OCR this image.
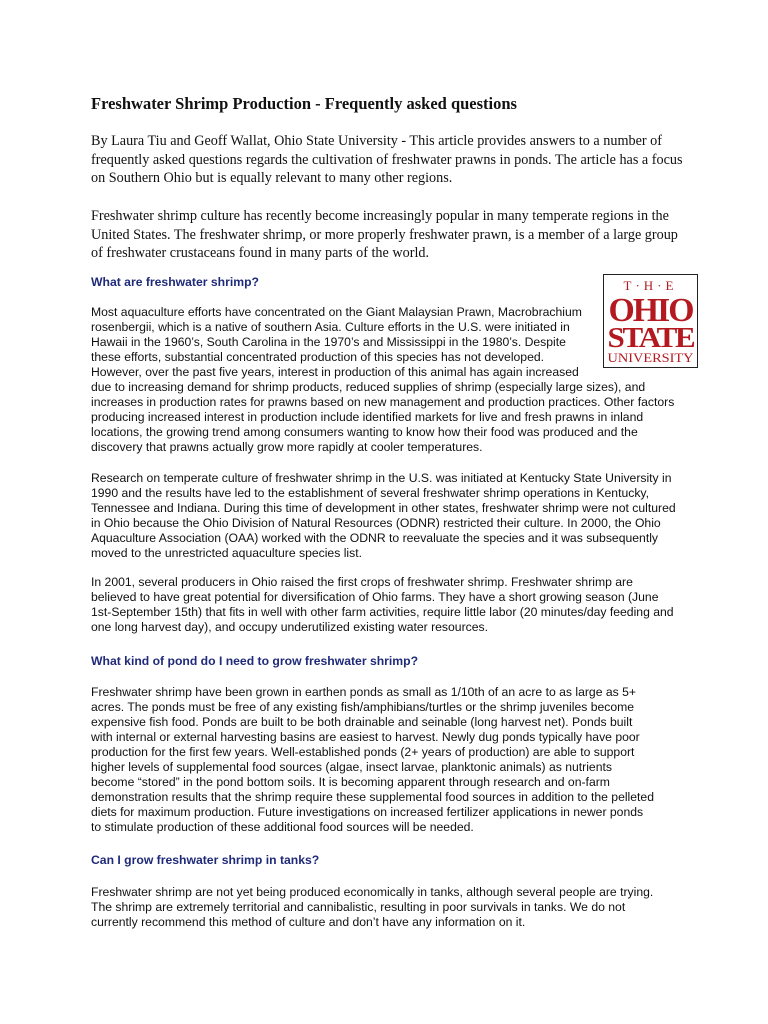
Freshwater Shrimp Production - Frequently asked questions

By Laura Tiu and Geoff Wallat, Ohio State University - This article provides answers to a number of frequently asked questions regards the cultivation of freshwater prawns in ponds. The article has a focus on Southern Ohio but is equally relevant to many other regions.

Freshwater shrimp culture has recently become increasingly popular in many temperate regions in the United States. The freshwater shrimp, or more properly freshwater prawn, is a member of a large group of freshwater crustaceans found in many parts of the world.

What are freshwater shrimp?	T·H·E
OHIO
STATE
UNIVERSITY

Most aquaculture efforts have concentrated on the Giant Malaysian Prawn, Macrobrachium rosenbergii, which is a native of southern Asia. Culture efforts in the U.S. were initiated in Hawaii in the 1960’s, South Carolina in the 1970’s and Mississippi in the 1980’s. Despite these efforts, substantial concentrated production of this species has not developed. However, over the past five years, interest in production of this animal has again increased due to increasing demand for shrimp products, reduced supplies of shrimp (especially large sizes), and increases in production rates for prawns based on new management and production practices. Other factors producing increased interest in production include identified markets for live and fresh prawns in inland locations, the growing trend among consumers wanting to know how their food was produced and the discovery that prawns actually grow more rapidly at cooler temperatures.

Research on temperate culture of freshwater shrimp in the U.S. was initiated at Kentucky State University in 1990 and the results have led to the establishment of several freshwater shrimp operations in Kentucky, Tennessee and Indiana. During this time of development in other states, freshwater shrimp were not cultured in Ohio because the Ohio Division of Natural Resources (ODNR) restricted their culture. In 2000, the Ohio Aquaculture Association (OAA) worked with the ODNR to reevaluate the species and it was subsequently moved to the unrestricted aquaculture species list.

In 2001, several producers in Ohio raised the first crops of freshwater shrimp. Freshwater shrimp are believed to have great potential for diversification of Ohio farms. They have a short growing season (June 1st-September 15th) that fits in well with other farm activities, require little labor (20 minutes/day feeding and one long harvest day), and occupy underutilized existing water resources.

What kind of pond do I need to grow freshwater shrimp?

Freshwater shrimp have been grown in earthen ponds as small as 1/10th of an acre to as large as 5+ acres. The ponds must be free of any existing fish/amphibians/turtles or the shrimp juveniles become expensive fish food. Ponds are built to be both drainable and seinable (long harvest net). Ponds built with internal or external harvesting basins are easiest to harvest. Newly dug ponds typically have poor production for the first few years. Well-established ponds (2+ years of production) are able to support higher levels of supplemental food sources (algae, insect larvae, planktonic animals) as nutrients become “stored” in the pond bottom soils. It is becoming apparent through research and on-farm demonstration results that the shrimp require these supplemental food sources in addition to the pelleted diets for maximum production. Future investigations on increased fertilizer applications in newer ponds to stimulate production of these additional food sources will be needed.

Can I grow freshwater shrimp in tanks?

Freshwater shrimp are not yet being produced economically in tanks, although several people are trying. The shrimp are extremely territorial and cannibalistic, resulting in poor survivals in tanks. We do not currently recommend this method of culture and don’t have any information on it.
